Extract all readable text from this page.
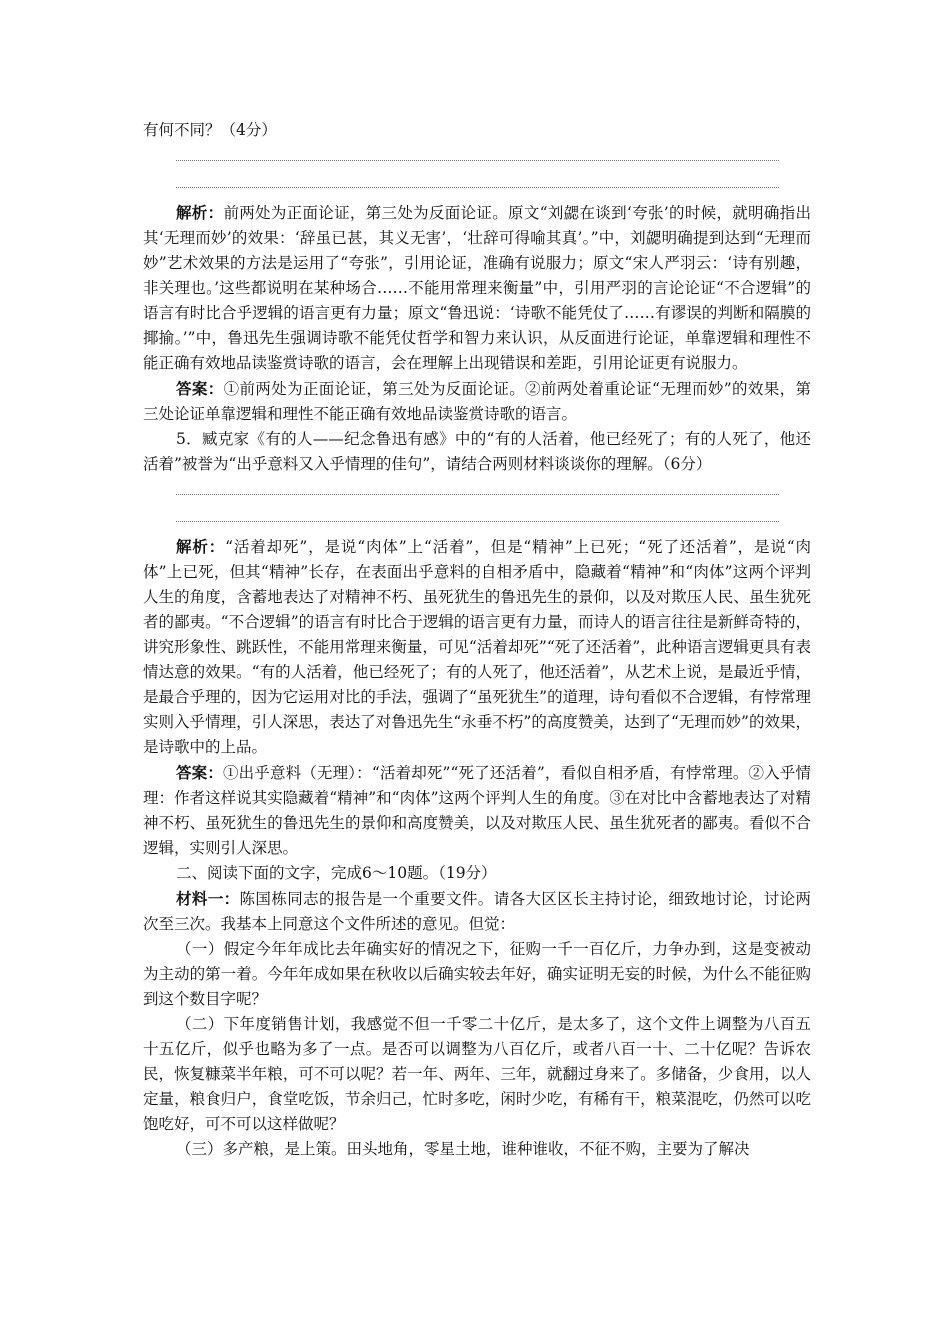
有何不同？（4分）

解析：前两处为正面论证，第三处为反面论证。原文“刘勰在谈到‘夸张’的时候，就明确指出其‘无理而妙’的效果：‘辞虽已甚，其义无害’，‘壮辞可得喻其真’。”中，刘勰明确提到达到“无理而妙”艺术效果的方法是运用了“夸张”，引用论证，准确有说服力；原文“宋人严羽云：‘诗有别趣，非关理也。’这些都说明在某种场合……不能用常理来衡量”中，引用严羽的言论论证“不合逻辑”的语言有时比合乎逻辑的语言更有力量；原文“鲁迅说：‘诗歌不能凭仗了……有谬误的判断和隔膜的揶揄。’”中，鲁迅先生强调诗歌不能凭仗哲学和智力来认识，从反面进行论证，单靠逻辑和理性不能正确有效地品读鉴赏诗歌的语言，会在理解上出现错误和差距，引用论证更有说服力。

答案：①前两处为正面论证，第三处为反面论证。②前两处着重论证“无理而妙”的效果，第三处论证单靠逻辑和理性不能正确有效地品读鉴赏诗歌的语言。

5．臧克家《有的人——纪念鲁迅有感》中的“有的人活着，他已经死了；有的人死了，他还活着”被誉为“出乎意料又入乎情理的佳句”，请结合两则材料谈谈你的理解。（6分）

解析：“活着却死”，是说“肉体”上“活着”，但是“精神”上已死；“死了还活着”，是说“肉体”上已死，但其“精神”长存，在表面出乎意料的自相矛盾中，隐藏着“精神”和“肉体”这两个评判人生的角度，含蓄地表达了对精神不朽、虽死犹生的鲁迅先生的景仰，以及对欺压人民、虽生犹死者的鄙夷。“不合逻辑”的语言有时比合于逻辑的语言更有力量，而诗人的语言往往是新鲜奇特的，讲究形象性、跳跃性，不能用常理来衡量，可见“活着却死”“死了还活着”，此种语言逻辑更具有表情达意的效果。“有的人活着，他已经死了；有的人死了，他还活着”，从艺术上说，是最近乎情，是最合乎理的，因为它运用对比的手法，强调了“虽死犹生”的道理，诗句看似不合逻辑，有悖常理实则入乎情理，引人深思，表达了对鲁迅先生“永垂不朽”的高度赞美，达到了“无理而妙”的效果，是诗歌中的上品。

答案：①出乎意料（无理）：“活着却死”“死了还活着”，看似自相矛盾，有悖常理。②入乎情理：作者这样说其实隐藏着“精神”和“肉体”这两个评判人生的角度。③在对比中含蓄地表达了对精神不朽、虽死犹生的鲁迅先生的景仰和高度赞美，以及对欺压人民、虽生犹死者的鄙夷。看似不合逻辑，实则引人深思。

二、阅读下面的文字，完成6～10题。（19分）

材料一：陈国栋同志的报告是一个重要文件。请各大区区长主持讨论，细致地讨论，讨论两次至三次。我基本上同意这个文件所述的意见。但觉：

（一）假定今年年成比去年确实好的情况之下，征购一千一百亿斤，力争办到，这是变被动为主动的第一着。今年年成如果在秋收以后确实较去年好，确实证明无妄的时候，为什么不能征购到这个数目字呢？

（二）下年度销售计划，我感觉不但一千零二十亿斤，是太多了，这个文件上调整为八百五十五亿斤，似乎也略为多了一点。是否可以调整为八百亿斤，或者八百一十、二十亿呢？告诉农民，恢复糠菜半年粮，可不可以呢？若一年、两年、三年，就翻过身来了。多储备，少食用，以人定量，粮食归户，食堂吃饭，节余归己，忙时多吃，闲时少吃，有稀有干，粮菜混吃，仍然可以吃饱吃好，可不可以这样做呢？

（三）多产粮，是上策。田头地角，零星土地，谁种谁收，不征不购，主要为了解决
